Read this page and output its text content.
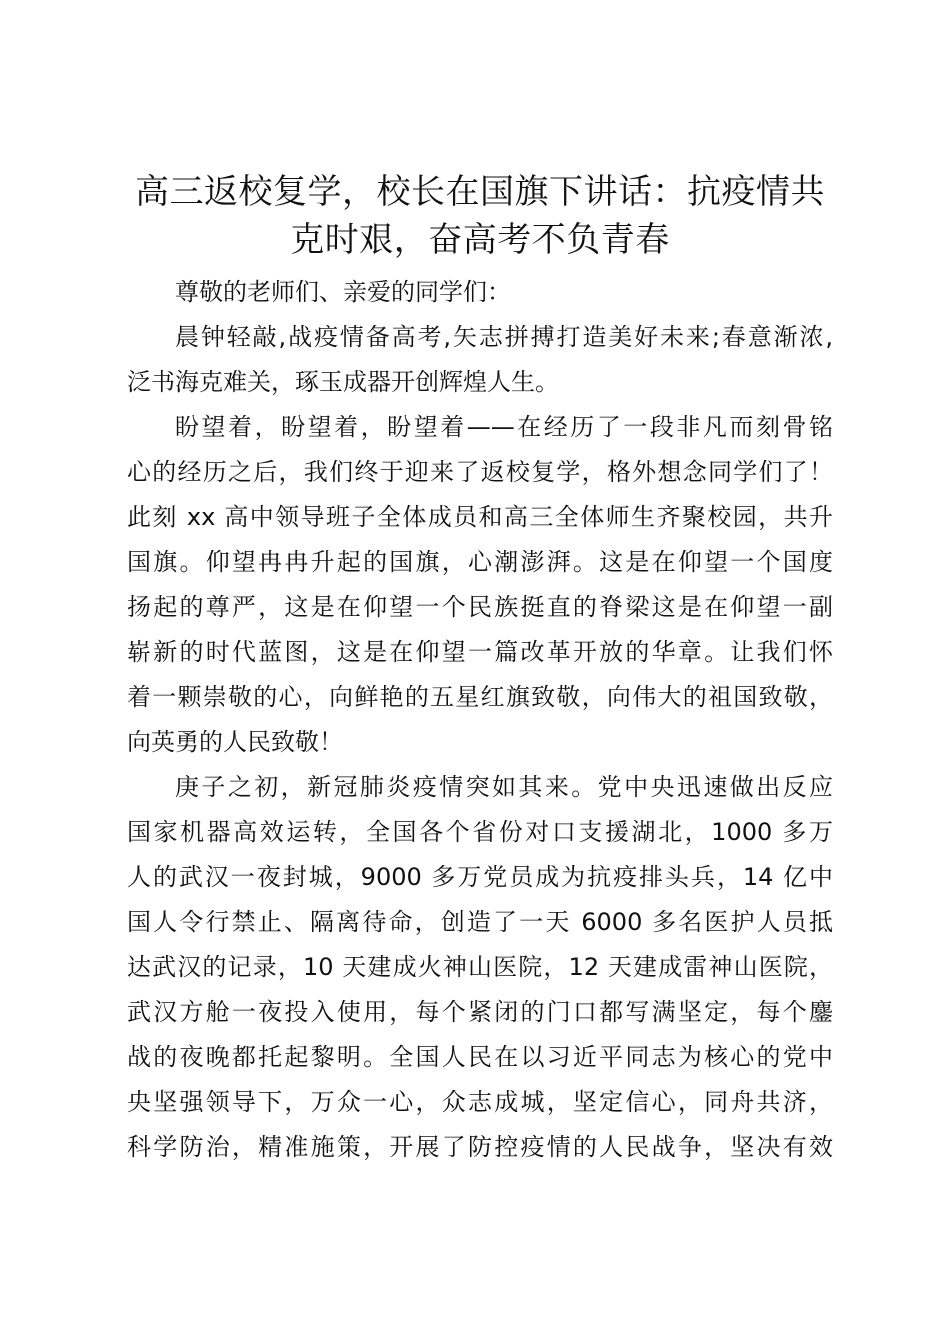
高三返校复学，校长在国旗下讲话：抗疫情共
克时艰，奋高考不负青春
尊敬的老师们、亲爱的同学们：
晨钟轻敲,战疫情备高考,矢志拼搏打造美好未来;春意渐浓,
泛书海克难关，琢玉成器开创辉煌人生。
盼望着，盼望着，盼望着——在经历了一段非凡而刻骨铭
心的经历之后，我们终于迎来了返校复学，格外想念同学们了！
此刻 xx 高中领导班子全体成员和高三全体师生齐聚校园，共升
国旗。仰望冉冉升起的国旗，心潮澎湃。这是在仰望一个国度
扬起的尊严，这是在仰望一个民族挺直的脊梁这是在仰望一副
崭新的时代蓝图，这是在仰望一篇改革开放的华章。让我们怀
着一颗崇敬的心，向鲜艳的五星红旗致敬，向伟大的祖国致敬，
向英勇的人民致敬！
庚子之初，新冠肺炎疫情突如其来。党中央迅速做出反应
国家机器高效运转，全国各个省份对口支援湖北，1000 多万
人的武汉一夜封城，9000 多万党员成为抗疫排头兵，14 亿中
国人令行禁止、隔离待命，创造了一天 6000 多名医护人员抵
达武汉的记录，10 天建成火神山医院，12 天建成雷神山医院，
武汉方舱一夜投入使用，每个紧闭的门口都写满坚定，每个鏖
战的夜晚都托起黎明。全国人民在以习近平同志为核心的党中
央坚强领导下，万众一心，众志成城，坚定信心，同舟共济，
科学防治，精准施策，开展了防控疫情的人民战争，坚决有效
